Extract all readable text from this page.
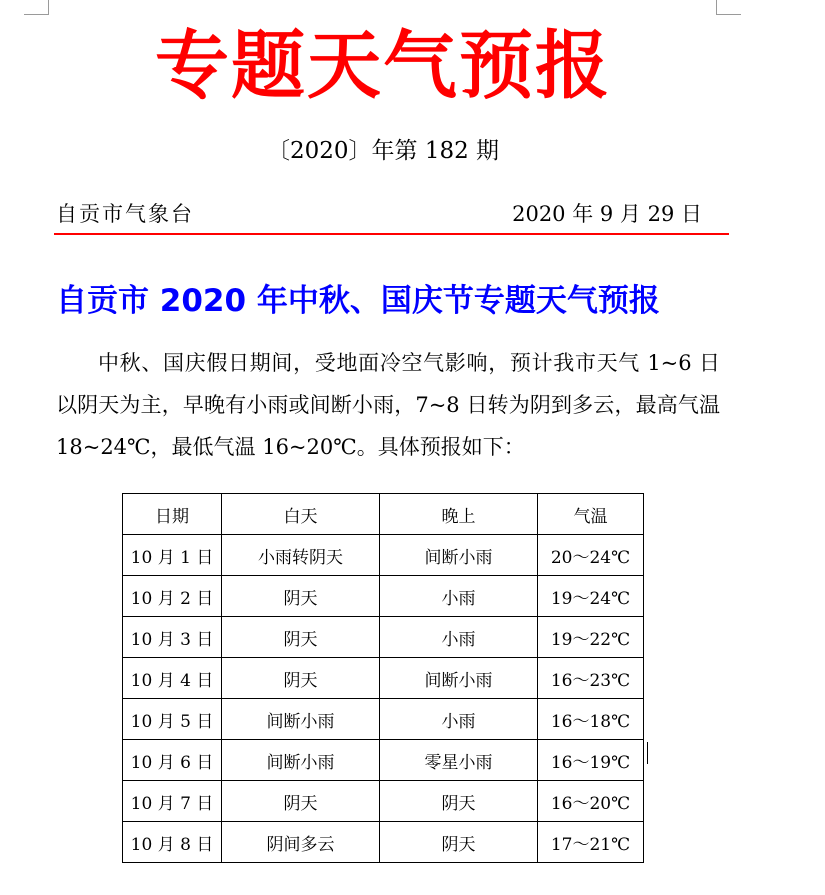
专题天气预报
〔2020〕年第 182 期
自贡市气象台	2020 年 9 月 29 日
自贡市 2020 年中秋、国庆节专题天气预报
中秋、国庆假日期间，受地面冷空气影响，预计我市天气 1~6 日以阴天为主，早晚有小雨或间断小雨，7~8 日转为阴到多云，最高气温 18~24℃，最低气温 16~20℃。具体预报如下：
日期	白天	晚上	气温
10 月 1 日	小雨转阴天	间断小雨	20～24℃
10 月 2 日	阴天	小雨	19～24℃
10 月 3 日	阴天	小雨	19～22℃
10 月 4 日	阴天	间断小雨	16～23℃
10 月 5 日	间断小雨	小雨	16～18℃
10 月 6 日	间断小雨	零星小雨	16～19℃
10 月 7 日	阴天	阴天	16～20℃
10 月 8 日	阴间多云	阴天	17～21℃
